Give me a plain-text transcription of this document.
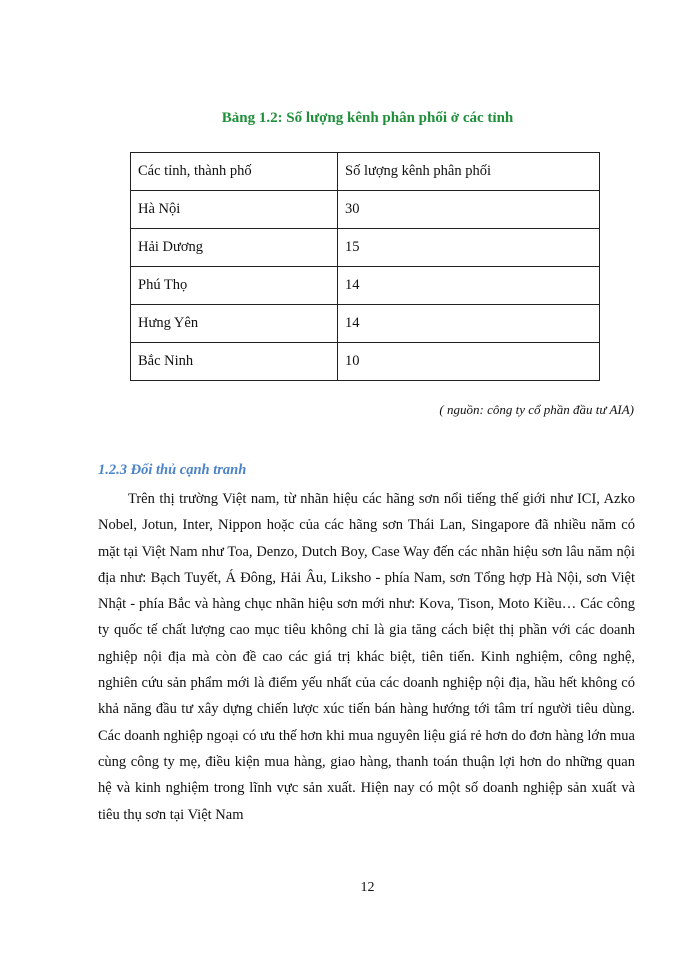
Bảng 1.2: Số lượng kênh phân phối ở các tỉnh
Các tỉnh, thành phố	Số lượng kênh phân phối
Hà Nội	30
Hải Dương	15
Phú Thọ	14
Hưng Yên	14
Bắc Ninh	10
( nguồn: công ty cổ phần đầu tư AIA)
1.2.3 Đối thủ cạnh tranh

Trên thị trường Việt nam, từ nhãn hiệu các hãng sơn nổi tiếng thế giới như ICI, Azko Nobel, Jotun, Inter, Nippon hoặc của các hãng sơn Thái Lan, Singapore đã nhiều năm có mặt tại Việt Nam như Toa, Denzo, Dutch Boy, Case Way đến các nhãn hiệu sơn lâu năm nội địa như: Bạch Tuyết, Á Đông, Hải Âu, Liksho - phía Nam, sơn Tổng hợp Hà Nội, sơn Việt Nhật - phía Bắc và hàng chục nhãn hiệu sơn mới như: Kova, Tison, Moto Kiều… Các công ty quốc tế chất lượng cao mục tiêu không chỉ là gia tăng cách biệt thị phần với các doanh nghiệp nội địa mà còn đề cao các giá trị khác biệt, tiên tiến. Kinh nghiệm, công nghệ, nghiên cứu sản phẩm mới là điểm yếu nhất của các doanh nghiệp nội địa, hầu hết không có khả năng đầu tư xây dựng chiến lược xúc tiến bán hàng hướng tới tâm trí người tiêu dùng. Các doanh nghiệp ngoại có ưu thế hơn khi mua nguyên liệu giá rẻ hơn do đơn hàng lớn mua cùng công ty mẹ, điều kiện mua hàng, giao hàng, thanh toán thuận lợi hơn do những quan hệ và kinh nghiệm trong lĩnh vực sản xuất. Hiện nay có một số doanh nghiệp sản xuất và tiêu thụ sơn tại Việt Nam

12
